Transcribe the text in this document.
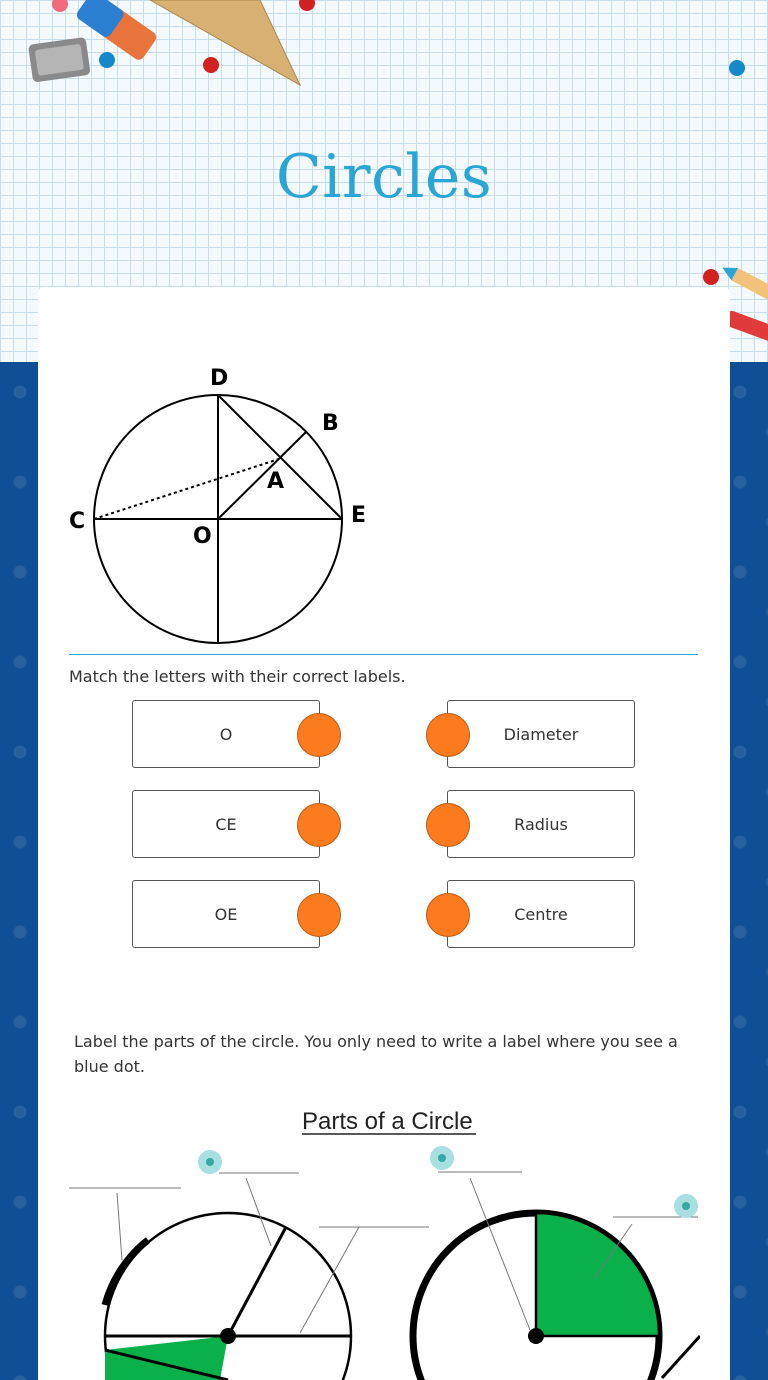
Circles
D
B
A
C
O
E
Match the letters with their correct labels.
O
CE
OE
Diameter
Radius
Centre
Label the parts of the circle. You only need to write a label where you see a blue dot.
Parts of a Circle
